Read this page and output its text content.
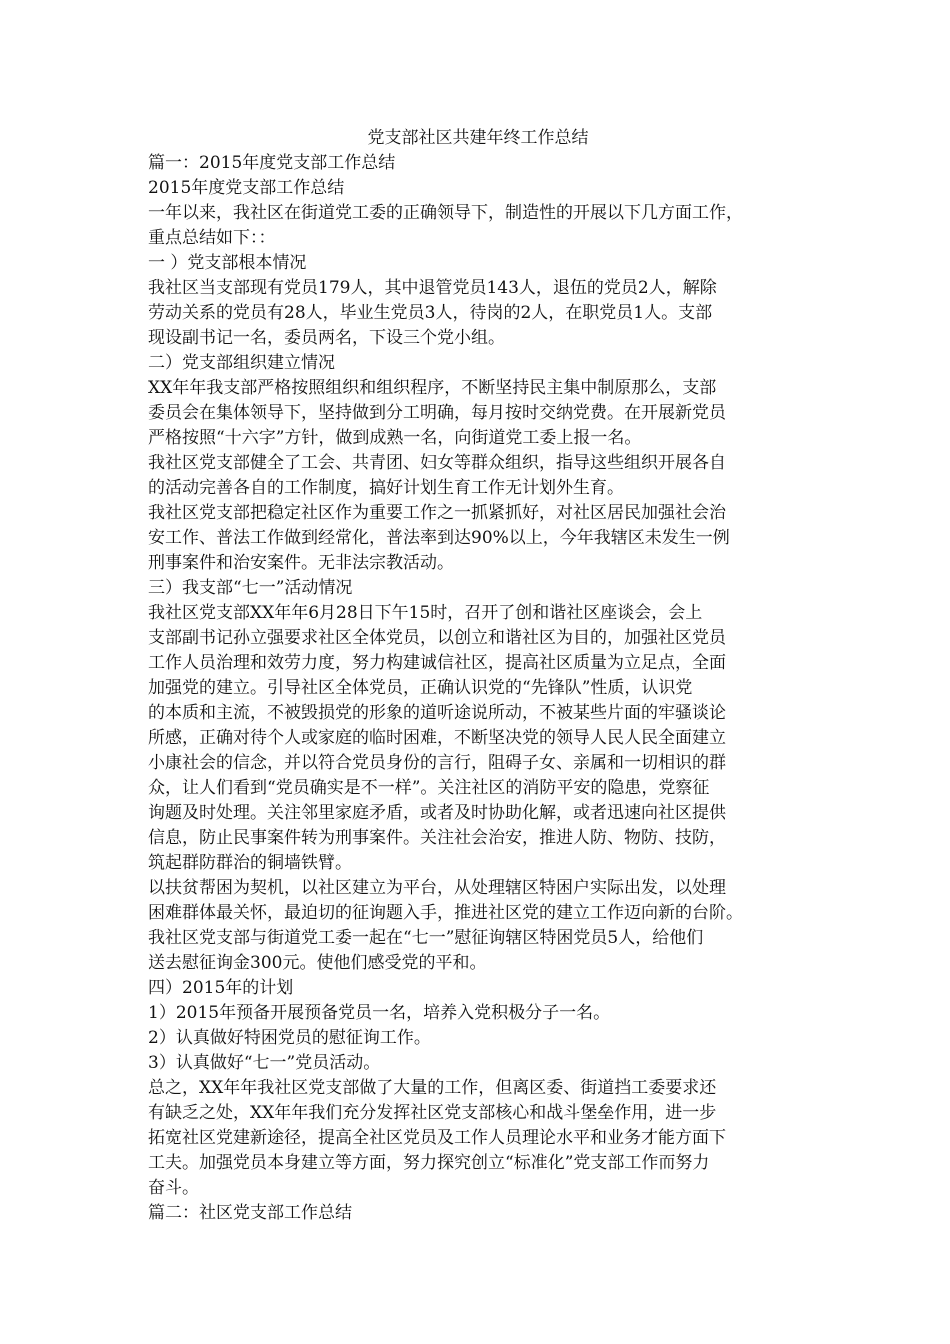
党支部社区共建年终工作总结

篇一：2015年度党支部工作总结

2015年度党支部工作总结

一年以来，我社区在街道党工委的正确领导下，制造性的开展以下几方面工作，

重点总结如下：：

一 ）党支部根本情况

我社区当支部现有党员179人，其中退管党员143人，退伍的党员2人，解除

劳动关系的党员有28人，毕业生党员3人，待岗的2人，在职党员1人。支部

现设副书记一名，委员两名，下设三个党小组。

二）党支部组织建立情况

XX年年我支部严格按照组织和组织程序，不断坚持民主集中制原那么，支部

委员会在集体领导下，坚持做到分工明确，每月按时交纳党费。在开展新党员

严格按照“十六字”方针，做到成熟一名，向街道党工委上报一名。

我社区党支部健全了工会、共青团、妇女等群众组织，指导这些组织开展各自

的活动完善各自的工作制度，搞好计划生育工作无计划外生育。

我社区党支部把稳定社区作为重要工作之一抓紧抓好，对社区居民加强社会治

安工作、普法工作做到经常化，普法率到达90%以上，今年我辖区未发生一例

刑事案件和治安案件。无非法宗教活动。

三）我支部“七一”活动情况

我社区党支部XX年年6月28日下午15时，召开了创和谐社区座谈会，会上

支部副书记孙立强要求社区全体党员，以创立和谐社区为目的，加强社区党员

工作人员治理和效劳力度，努力构建诚信社区，提高社区质量为立足点，全面

加强党的建立。引导社区全体党员，正确认识党的“先锋队”性质，认识党

的本质和主流，不被毁损党的形象的道听途说所动，不被某些片面的牢骚谈论

所感，正确对待个人或家庭的临时困难，不断坚决党的领导人民人民全面建立

小康社会的信念，并以符合党员身份的言行，阻碍子女、亲属和一切相识的群

众，让人们看到“党员确实是不一样”。关注社区的消防平安的隐患，党察征

询题及时处理。关注邻里家庭矛盾，或者及时协助化解，或者迅速向社区提供

信息，防止民事案件转为刑事案件。关注社会治安，推进人防、物防、技防，

筑起群防群治的铜墙铁臂。

以扶贫帮困为契机，以社区建立为平台，从处理辖区特困户实际出发，以处理

困难群体最关怀，最迫切的征询题入手，推进社区党的建立工作迈向新的台阶。

我社区党支部与街道党工委一起在“七一”慰征询辖区特困党员5人，给他们

送去慰征询金300元。使他们感受党的平和。

四）2015年的计划

1）2015年预备开展预备党员一名，培养入党积极分子一名。

2）认真做好特困党员的慰征询工作。

3）认真做好“七一”党员活动。

总之，XX年年我社区党支部做了大量的工作，但离区委、街道挡工委要求还

有缺乏之处，XX年年我们充分发挥社区党支部核心和战斗堡垒作用，进一步

拓宽社区党建新途径，提高全社区党员及工作人员理论水平和业务才能方面下

工夫。加强党员本身建立等方面，努力探究创立“标准化”党支部工作而努力

奋斗。

篇二：社区党支部工作总结
